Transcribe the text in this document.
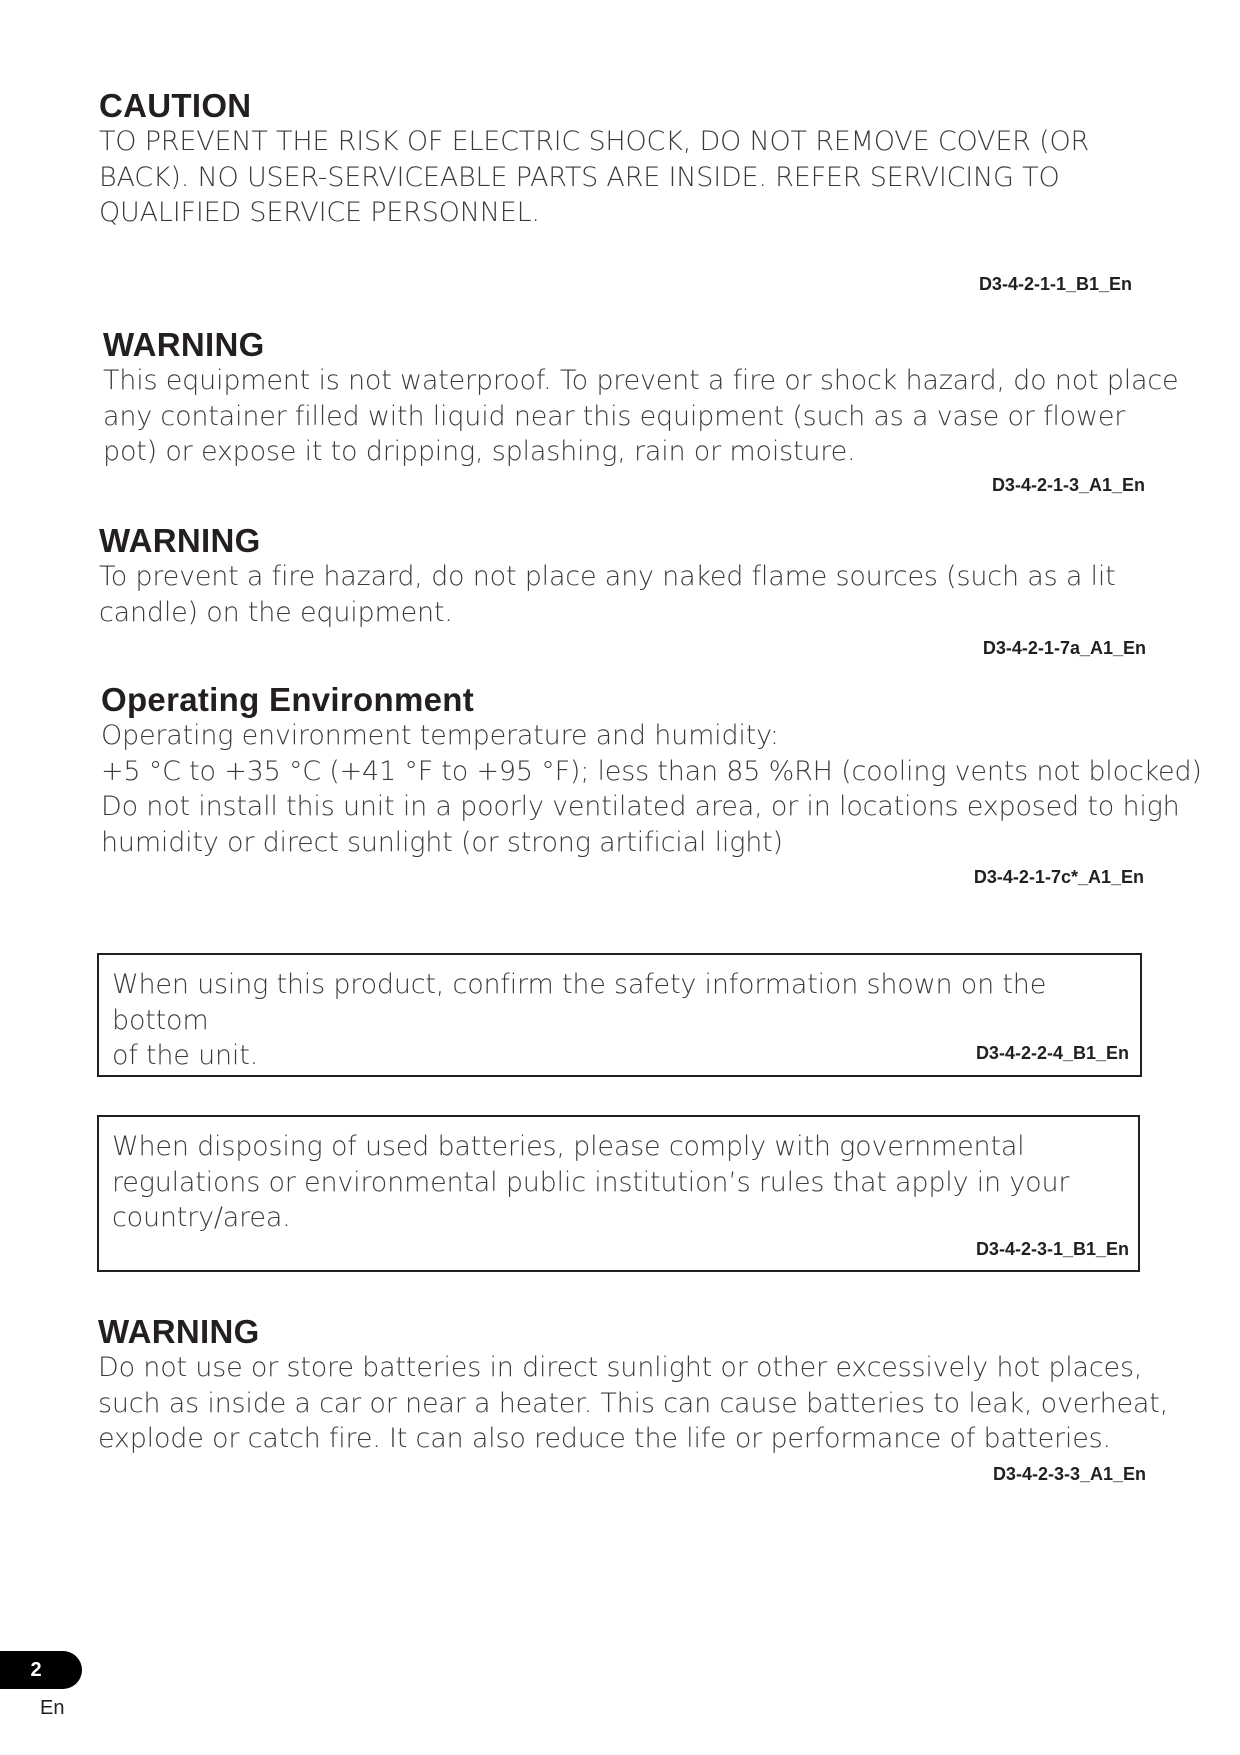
CAUTION

TO PREVENT THE RISK OF ELECTRIC SHOCK, DO NOT REMOVE COVER (OR
BACK). NO USER-SERVICEABLE PARTS ARE INSIDE. REFER SERVICING TO
QUALIFIED SERVICE PERSONNEL.

D3-4-2-1-1_B1_En
WARNING

This equipment is not waterproof. To prevent a fire or shock hazard, do not place
any container filled with liquid near this equipment (such as a vase or flower
pot) or expose it to dripping, splashing, rain or moisture.

D3-4-2-1-3_A1_En
WARNING

To prevent a fire hazard, do not place any naked flame sources (such as a lit
candle) on the equipment.

D3-4-2-1-7a_A1_En
Operating Environment

Operating environment temperature and humidity:
+5 °C to +35 °C (+41 °F to +95 °F); less than 85 %RH (cooling vents not blocked)
Do not install this unit in a poorly ventilated area, or in locations exposed to high
humidity or direct sunlight (or strong artificial light)

D3-4-2-1-7c*_A1_En

When using this product, confirm the safety information shown on the bottom
of the unit.	D3-4-2-2-4_B1_En

When disposing of used batteries, please comply with governmental
regulations or environmental public institution’s rules that apply in your
country/area.

D3-4-2-3-1_B1_En
WARNING

Do not use or store batteries in direct sunlight or other excessively hot places,
such as inside a car or near a heater. This can cause batteries to leak, overheat,
explode or catch fire. It can also reduce the life or performance of batteries.

D3-4-2-3-3_A1_En
2
En
